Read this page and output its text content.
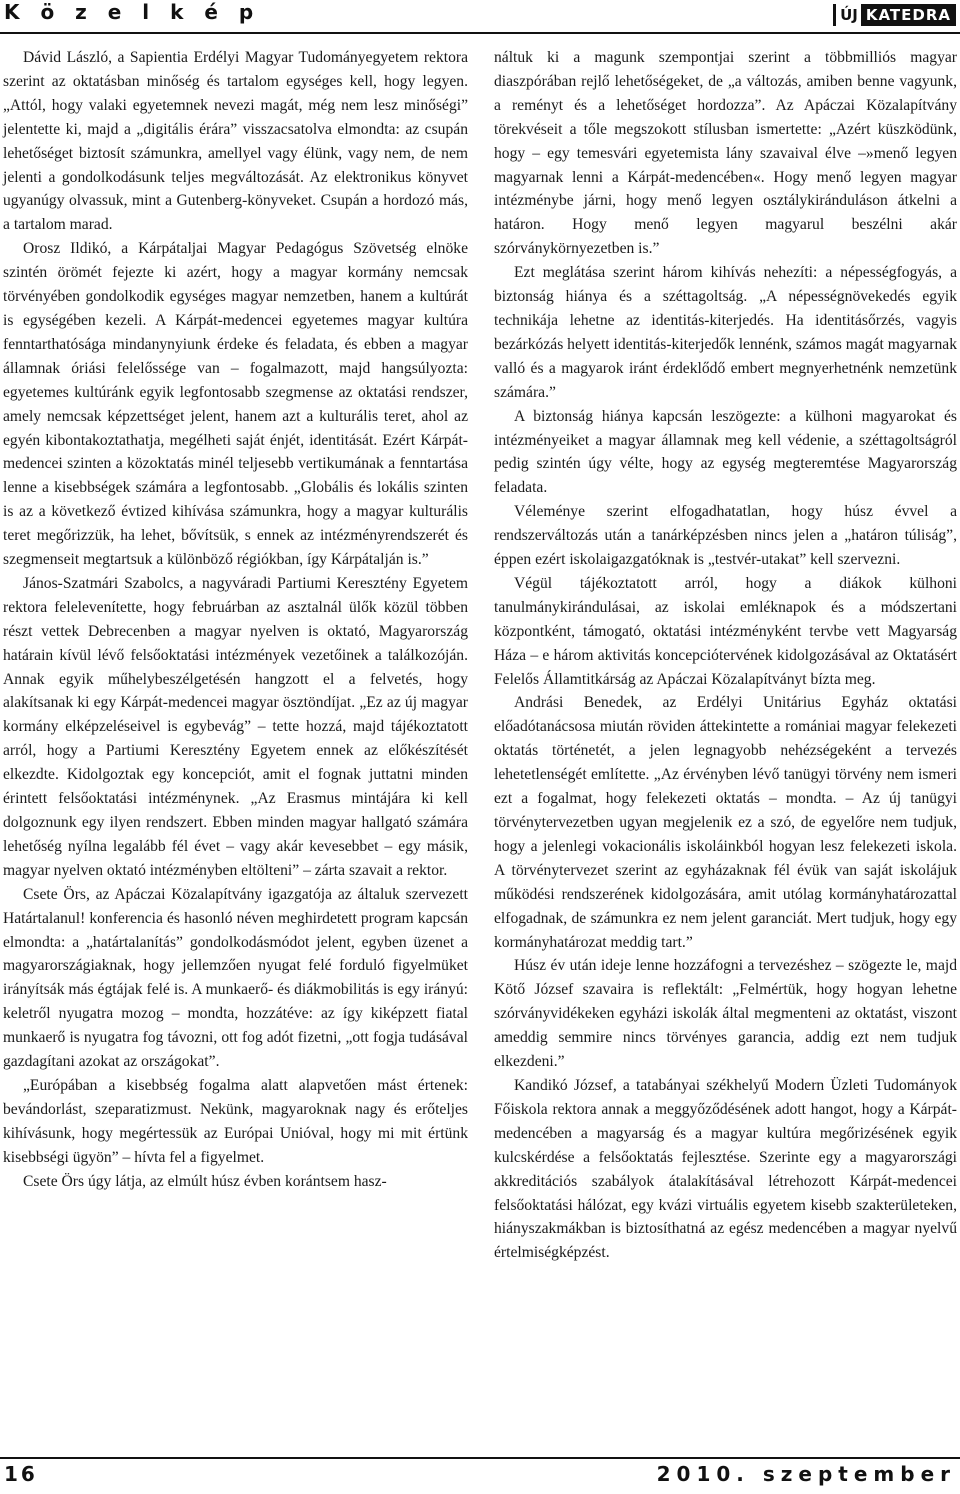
K ö z e l k é p	ÚJ KATEDRA

Dávid László, a Sapientia Erdélyi Magyar Tudományegyetem rektora szerint az oktatásban minőség és tartalom egységes kell, hogy legyen. „Attól, hogy valaki egyetemnek nevezi magát, még nem lesz minőségi” jelentette ki, majd a „digitális érára” visszacsatolva elmondta: az csupán lehetőséget biztosít számunkra, amellyel vagy élünk, vagy nem, de nem jelenti a gondolkodásunk teljes megváltozását. Az elektronikus könyvet ugyanúgy olvassuk, mint a Gutenberg-könyveket. Csupán a hordozó más, a tartalom marad.

Orosz Ildikó, a Kárpátaljai Magyar Pedagógus Szövetség elnöke szintén örömét fejezte ki azért, hogy a magyar kormány nemcsak törvényében gondolkodik egységes magyar nemzetben, hanem a kultúrát is egységében kezeli. A Kárpát-medencei egyetemes magyar kultúra fenntarthatósága mindanynyiunk érdeke és feladata, és ebben a magyar államnak óriási felelőssége van – fogalmazott, majd hangsúlyozta: egyetemes kultúránk egyik legfontosabb szegmense az oktatási rendszer, amely nemcsak képzettséget jelent, hanem azt a kulturális teret, ahol az egyén kibontakoztathatja, megélheti saját énjét, identitását. Ezért Kárpát-medencei szinten a közoktatás minél teljesebb vertikumának a fenntartása lenne a kisebbségek számára a legfontosabb. „Globális és lokális szinten is az a következő évtized kihívása számunkra, hogy a magyar kulturális teret megőrizzük, ha lehet, bővítsük, s ennek az intézményrendszerét és szegmenseit megtartsuk a különböző régiókban, így Kárpátalján is.”

János-Szatmári Szabolcs, a nagyváradi Partiumi Keresztény Egyetem rektora felelevenítette, hogy februárban az asztalnál ülők közül többen részt vettek Debrecenben a magyar nyelven is oktató, Magyarország határain kívül lévő felsőoktatási intézmények vezetőinek a találkozóján. Annak egyik műhelybeszélgetésén hangzott el a felvetés, hogy alakítsanak ki egy Kárpát-medencei magyar ösztöndíjat. „Ez az új magyar kormány elképzeléseivel is egybevág” – tette hozzá, majd tájékoztatott arról, hogy a Partiumi Keresztény Egyetem ennek az előkészítését elkezdte. Kidolgoztak egy koncepciót, amit el fognak juttatni minden érintett felsőoktatási intézménynek. „Az Erasmus mintájára ki kell dolgoznunk egy ilyen rendszert. Ebben minden magyar hallgató számára lehetőség nyílna legalább fél évet – vagy akár kevesebbet – egy másik, magyar nyelven oktató intézményben eltölteni” – zárta szavait a rektor.

Csete Örs, az Apáczai Közalapítvány igazgatója az általuk szervezett Határtalanul! konferencia és hasonló néven meghirdetett program kapcsán elmondta: a „határtalanítás” gondolkodásmódot jelent, egyben üzenet a magyarországiaknak, hogy jellemzően nyugat felé forduló figyelmüket irányítsák más égtájak felé is. A munkaerő- és diákmobilitás is egy irányú: keletről nyugatra mozog – mondta, hozzátéve: az így kiképzett fiatal munkaerő is nyugatra fog távozni, ott fog adót fizetni, „ott fogja tudásával gazdagítani azokat az országokat”.

„Európában a kisebbség fogalma alatt alapvetően mást értenek: bevándorlást, szeparatizmust. Nekünk, magyaroknak nagy és erőteljes kihívásunk, hogy megértessük az Európai Unióval, hogy mi mit értünk kisebbségi ügyön” – hívta fel a figyelmet.

Csete Örs úgy látja, az elmúlt húsz évben korántsem hasz-

náltuk ki a magunk szempontjai szerint a többmilliós magyar diaszpórában rejlő lehetőségeket, de „a változás, amiben benne vagyunk, a reményt és a lehetőséget hordozza”. Az Apáczai Közalapítvány törekvéseit a tőle megszokott stílusban ismertette: „Azért küszködünk, hogy – egy temesvári egyetemista lány szavaival élve –»menő legyen magyarnak lenni a Kárpát-medencében«. Hogy menő legyen magyar intézménybe járni, hogy menő legyen osztálykiránduláson átkelni a határon. Hogy menő legyen magyarul beszélni akár szórványkörnyezetben is.”

Ezt meglátása szerint három kihívás nehezíti: a népességfogyás, a biztonság hiánya és a széttagoltság. „A népességnövekedés egyik technikája lehetne az identitás-kiterjedés. Ha identitásőrzés, vagyis bezárkózás helyett identitás-kiterjedők lennénk, számos magát magyarnak valló és a magyarok iránt érdeklődő embert megnyerhetnénk nemzetünk számára.”

A biztonság hiánya kapcsán leszögezte: a külhoni magyarokat és intézményeiket a magyar államnak meg kell védenie, a széttagoltságról pedig szintén úgy vélte, hogy az egység megteremtése Magyarország feladata.

Véleménye szerint elfogadhatatlan, hogy húsz évvel a rendszerváltozás után a tanárképzésben nincs jelen a „határon túliság”, éppen ezért iskolaigazgatóknak is „testvér-utakat” kell szervezni.

Végül tájékoztatott arról, hogy a diákok külhoni tanulmánykirándulásai, az iskolai emléknapok és a módszertani központként, támogató, oktatási intézményként tervbe vett Magyarság Háza – e három aktivitás koncepciótervének kidolgozásával az Oktatásért Felelős Államtitkárság az Apáczai Közalapítványt bízta meg.

Andrási Benedek, az Erdélyi Unitárius Egyház oktatási előadótanácsosa miután röviden áttekintette a romániai magyar felekezeti oktatás történetét, a jelen legnagyobb nehézségeként a tervezés lehetetlenségét említette. „Az érvényben lévő tanügyi törvény nem ismeri ezt a fogalmat, hogy felekezeti oktatás – mondta. – Az új tanügyi törvénytervezetben ugyan megjelenik ez a szó, de egyelőre nem tudjuk, hogy a jelenlegi vokacionális iskoláinkból hogyan lesz felekezeti iskola. A törvénytervezet szerint az egyházaknak fél évük van saját iskolájuk működési rendszerének kidolgozására, amit utólag kormányhatározattal elfogadnak, de számunkra ez nem jelent garanciát. Mert tudjuk, hogy egy kormányhatározat meddig tart.”

Húsz év után ideje lenne hozzáfogni a tervezéshez – szögezte le, majd Kötő József szavaira is reflektált: „Felmértük, hogy hogyan lehetne szórványvidékeken egyházi iskolák által megmenteni az oktatást, viszont ameddig semmire nincs törvényes garancia, addig ezt nem tudjuk elkezdeni.”

Kandikó József, a tatabányai székhelyű Modern Üzleti Tudományok Főiskola rektora annak a meggyőződésének adott hangot, hogy a Kárpát-medencében a magyarság és a magyar kultúra megőrizésének egyik kulcskérdése a felsőoktatás fejlesztése. Szerinte egy a magyarországi akkreditációs szabályok átalakításával létrehozott Kárpát-medencei felsőoktatási hálózat, egy kvázi virtuális egyetem kisebb szakterületeken, hiányszakmákban is biztosíthatná az egész medencében a magyar nyelvű értelmiségképzést.

16	2010. szeptember
